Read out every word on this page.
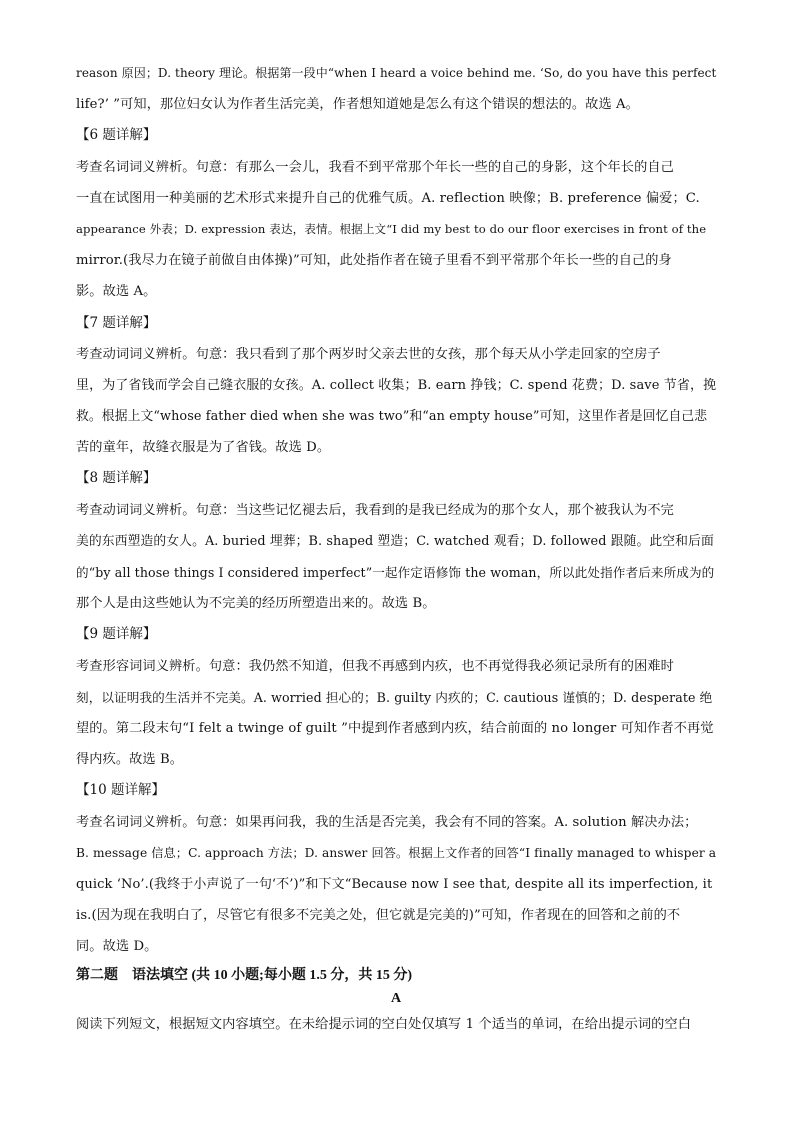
reason 原因；D. theory 理论。根据第一段中“when I heard a voice behind me. ‘So, do you have this perfect
life?’ ”可知，那位妇女认为作者生活完美，作者想知道她是怎么有这个错误的想法的。故选 A。
【6 题详解】
考查名词词义辨析。句意：有那么一会儿，我看不到平常那个年长一些的自己的身影，这个年长的自己
一直在试图用一种美丽的艺术形式来提升自己的优雅气质。A. reflection 映像；B. preference 偏爱；C.
appearance 外表；D. expression 表达，表情。根据上文“I did my best to do our floor exercises in front of the
mirror.(我尽力在镜子前做自由体操)”可知，此处指作者在镜子里看不到平常那个年长一些的自己的身
影。故选 A。
【7 题详解】
考查动词词义辨析。句意：我只看到了那个两岁时父亲去世的女孩，那个每天从小学走回家的空房子
里，为了省钱而学会自己缝衣服的女孩。A. collect 收集；B. earn 挣钱；C. spend 花费；D. save 节省，挽
救。根据上文“whose father died when she was two”和“an empty house”可知，这里作者是回忆自己悲
苦的童年，故缝衣服是为了省钱。故选 D。
【8 题详解】
考查动词词义辨析。句意：当这些记忆褪去后，我看到的是我已经成为的那个女人，那个被我认为不完
美的东西塑造的女人。A. buried 埋葬；B. shaped 塑造；C. watched 观看；D. followed 跟随。此空和后面
的“by all those things I considered imperfect”一起作定语修饰 the woman，所以此处指作者后来所成为的
那个人是由这些她认为不完美的经历所塑造出来的。故选 B。
【9 题详解】
考查形容词词义辨析。句意：我仍然不知道，但我不再感到内疚，也不再觉得我必须记录所有的困难时
刻，以证明我的生活并不完美。A. worried 担心的；B. guilty 内疚的；C. cautious 谨慎的；D. desperate 绝
望的。第二段末句“I felt a twinge of guilt ”中提到作者感到内疚，结合前面的 no longer 可知作者不再觉
得内疚。故选 B。
【10 题详解】
考查名词词义辨析。句意：如果再问我，我的生活是否完美，我会有不同的答案。A. solution 解决办法；
B. message 信息；C. approach 方法；D. answer 回答。根据上文作者的回答“I finally managed to whisper a
quick ‘No’.(我终于小声说了一句‘不’)”和下文“Because now I see that, despite all its imperfection, it
is.(因为现在我明白了，尽管它有很多不完美之处，但它就是完美的)”可知，作者现在的回答和之前的不
同。故选 D。
第二题　语法填空 (共 10 小题;每小题 1.5 分，共 15 分)
A
阅读下列短文，根据短文内容填空。在未给提示词的空白处仅填写 1 个适当的单词，在给出提示词的空白
